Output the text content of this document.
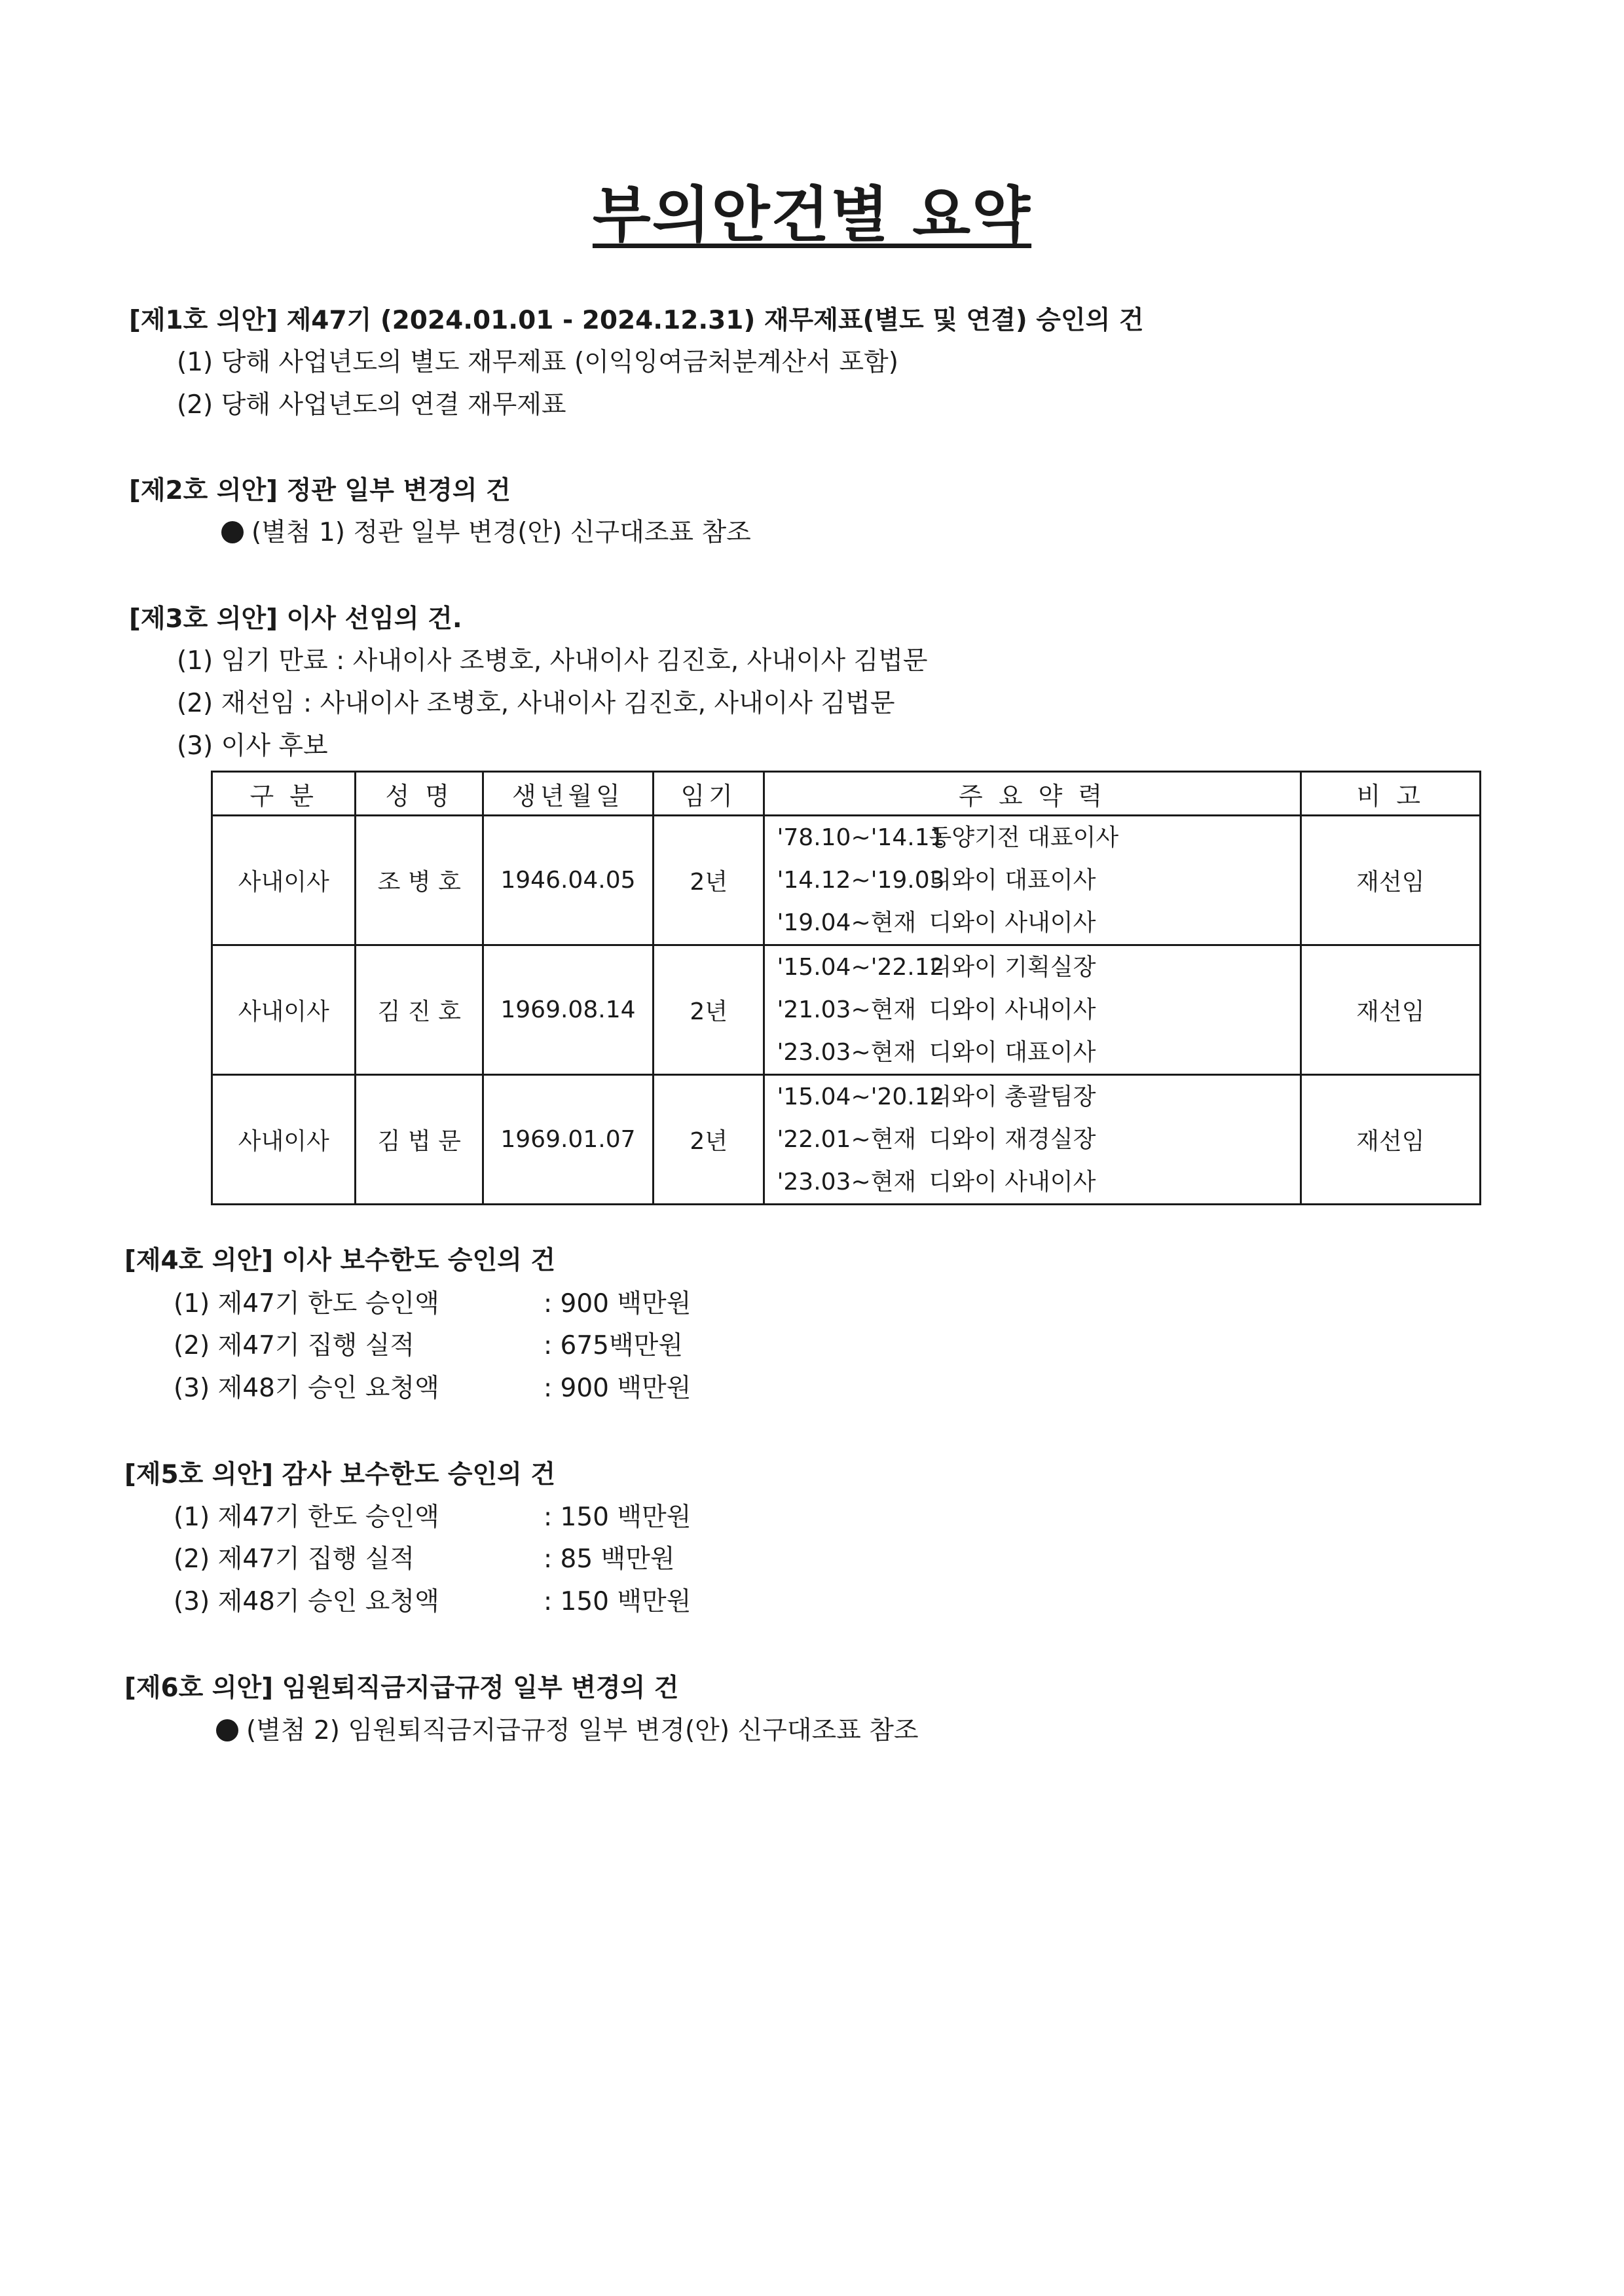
부의안건별 요약
[제1호 의안] 제47기 (2024.01.01 - 2024.12.31) 재무제표(별도 및 연결) 승인의 건
(1) 당해 사업년도의 별도 재무제표 (이익잉여금처분계산서 포함)
(2) 당해 사업년도의 연결 재무제표
[제2호 의안] 정관 일부 변경의 건
(별첨 1) 정관 일부 변경(안) 신구대조표 참조
[제3호 의안] 이사 선임의 건.
(1) 임기 만료 : 사내이사 조병호, 사내이사 김진호, 사내이사 김법문
(2) 재선임 : 사내이사 조병호, 사내이사 김진호, 사내이사 김법문
(3) 이사 후보
구 분	성 명	생년월일	임기	주 요 약 력	비 고
사내이사	조 병 호	1946.04.05	2년	'78.10~'14.11동양기전 대표이사
'14.12~'19.03디와이 대표이사
'19.04~현재 디와이 사내이사	재선임
사내이사	김 진 호	1969.08.14	2년	'15.04~'22.12디와이 기획실장
'21.03~현재 디와이 사내이사
'23.03~현재 디와이 대표이사	재선임
사내이사	김 법 문	1969.01.07	2년	'15.04~'20.12디와이 총괄팀장
'22.01~현재 디와이 재경실장
'23.03~현재 디와이 사내이사	재선임
[제4호 의안] 이사 보수한도 승인의 건
(1) 제47기 한도 승인액	: 900 백만원
(2) 제47기 집행 실적	: 675백만원
(3) 제48기 승인 요청액	: 900 백만원
[제5호 의안] 감사 보수한도 승인의 건
(1) 제47기 한도 승인액	: 150 백만원
(2) 제47기 집행 실적	: 85 백만원
(3) 제48기 승인 요청액	: 150 백만원
[제6호 의안] 임원퇴직금지급규정 일부 변경의 건
(별첨 2) 임원퇴직금지급규정 일부 변경(안) 신구대조표 참조
